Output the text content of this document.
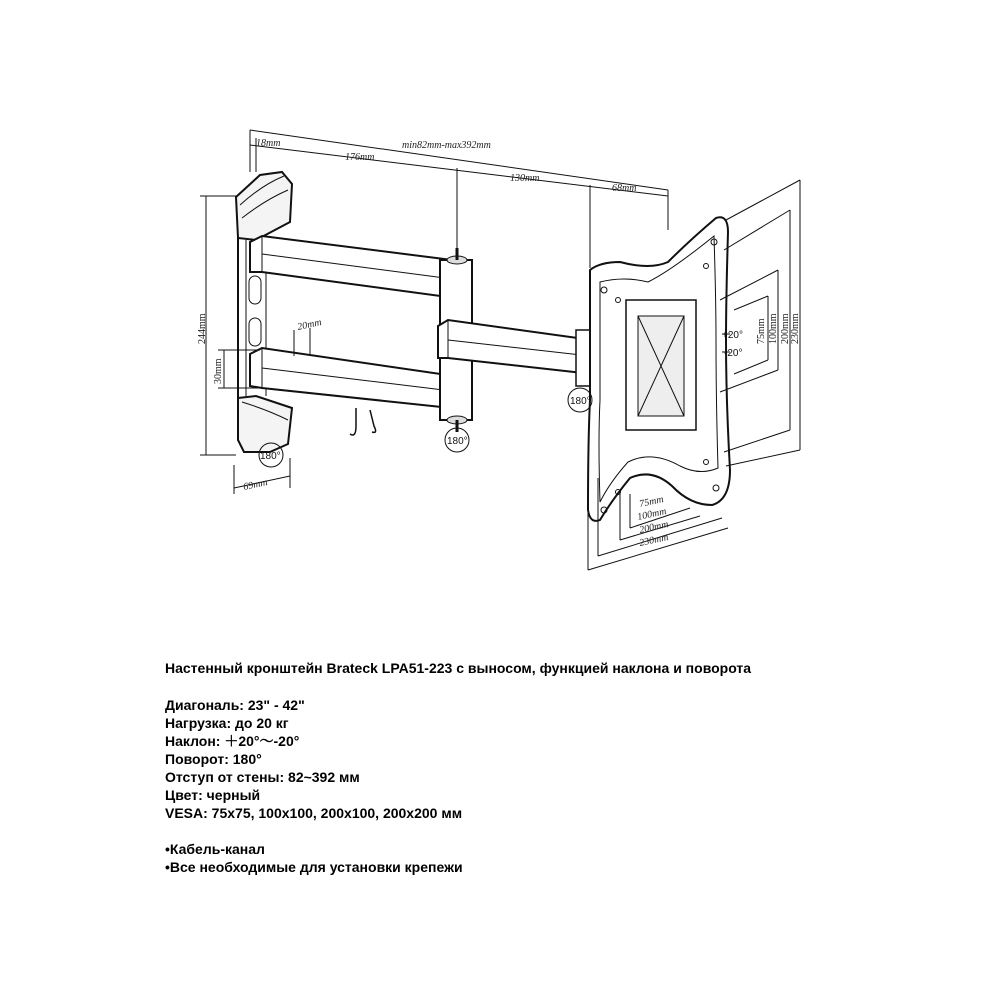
18mm
176mm
min82mm-max392mm
130mm
68mm
244mm
30mm
20mm
69mm
180°
180°
180°
+20°
-20°
75mm 100mm 200mm 230mm
75mm
100mm
200mm
230mm
Настенный кронштейн Brateck LPA51-223 с выносом, функцией наклона и поворота
Диагональ: 23" - 42"
Нагрузка: до 20 кг
Наклон: ＋20°～-20°
Поворот: 180°
Отступ от стены: 82~392 мм
Цвет: черный
VESA: 75x75, 100x100, 200x100, 200x200 мм
•Кабель-канал
•Все необходимые для установки крепежи
